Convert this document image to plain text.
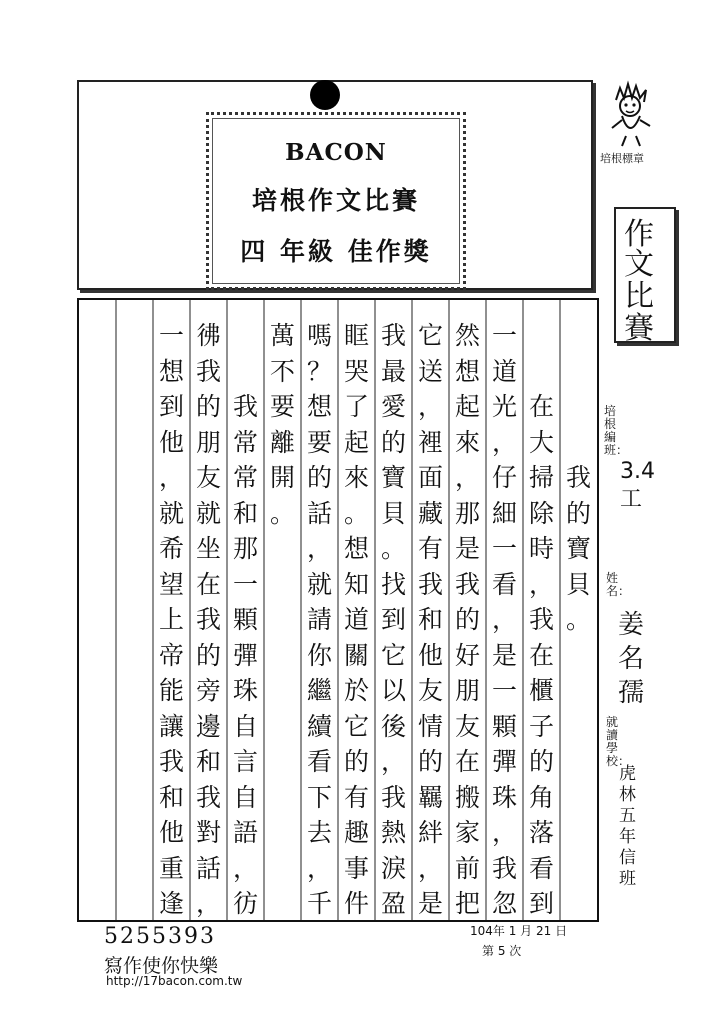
BACON
培根作文比賽
四 年級 佳作獎
培根標章
作
文
比
賽
我
的
寶
貝
。
在
大
掃
除
時
，
我
在
櫃
子
的
角
落
看
到
一
道
光
，
仔
細
一
看
，
是
一
顆
彈
珠
，
我
忽
然
想
起
來
，
那
是
我
的
好
朋
友
在
搬
家
前
把
它
送
，
裡
面
藏
有
我
和
他
友
情
的
羈
絆
，
是
我
最
愛
的
寶
貝
。
找
到
它
以
後
，
我
熱
淚
盈
眶
哭
了
起
來
。
想
知
道
關
於
它
的
有
趣
事
件
嗎
？
想
要
的
話
，
就
請
你
繼
續
看
下
去
，
千
萬
不
要
離
開
。
我
常
常
和
那
一
顆
彈
珠
自
言
自
語
，
彷
彿
我
的
朋
友
就
坐
在
我
的
旁
邊
和
我
對
話
，
一
想
到
他
，
就
希
望
上
帝
能
讓
我
和
他
重
逢
培根編班：
3.4工
姓名：
姜名孺
就讀學校：
虎林五年信班
104年 1 月 21 日
第 5 次
5255393
寫作使你快樂
http://17bacon.com.tw
